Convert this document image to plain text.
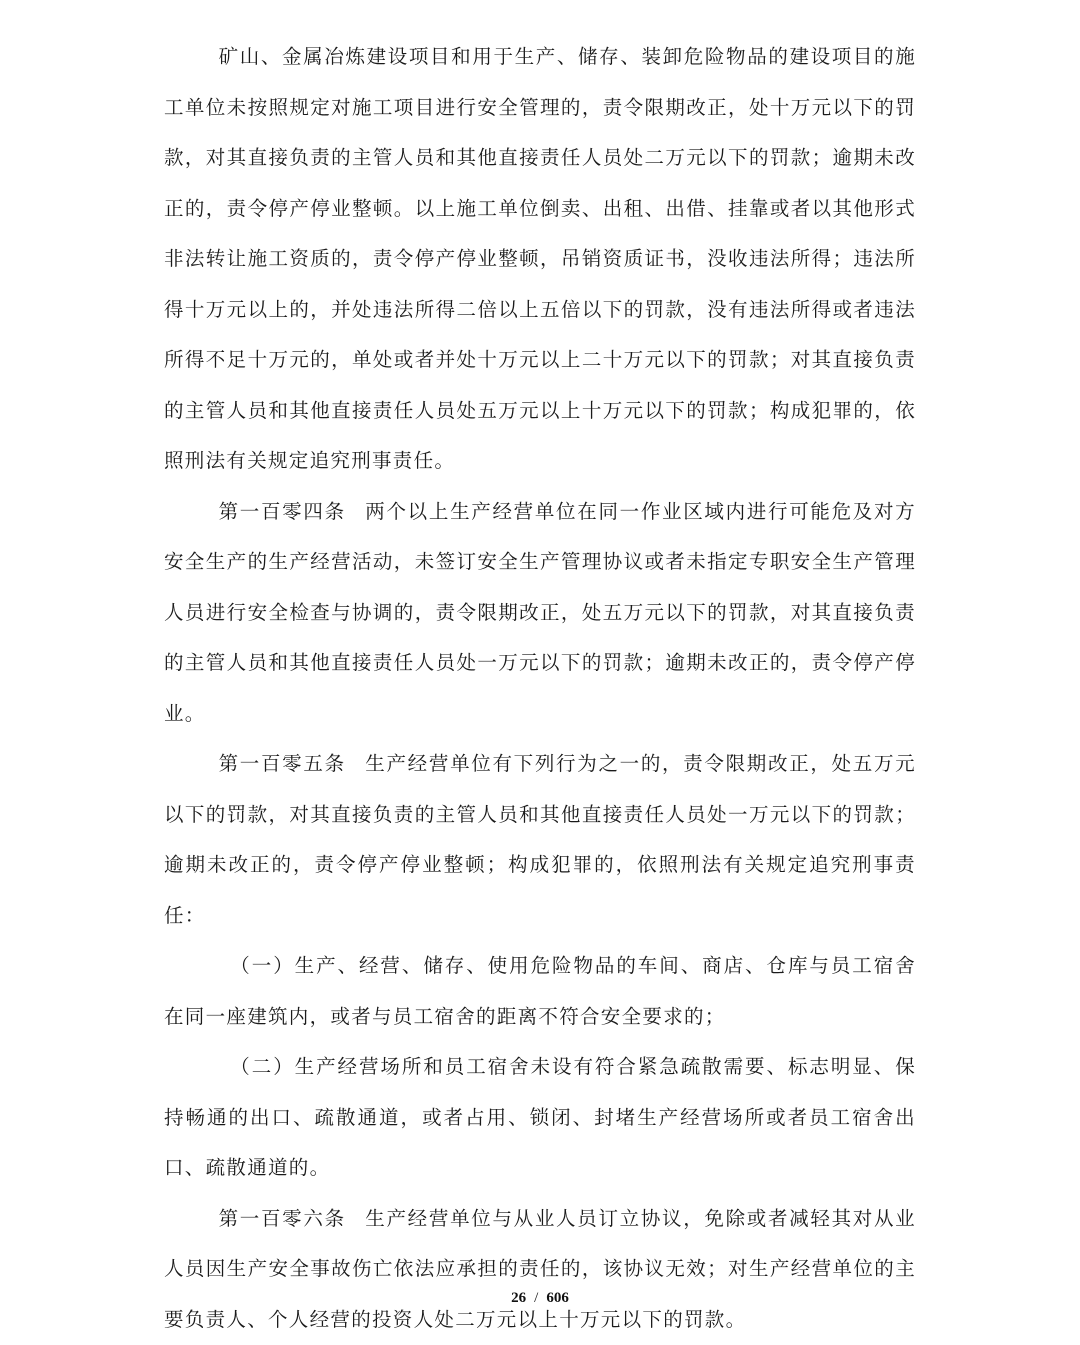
矿山、金属冶炼建设项目和用于生产、储存、装卸危险物品的建设项目的施工单位未按照规定对施工项目进行安全管理的，责令限期改正，处十万元以下的罚款，对其直接负责的主管人员和其他直接责任人员处二万元以下的罚款；逾期未改正的，责令停产停业整顿。以上施工单位倒卖、出租、出借、挂靠或者以其他形式非法转让施工资质的，责令停产停业整顿，吊销资质证书，没收违法所得；违法所得十万元以上的，并处违法所得二倍以上五倍以下的罚款，没有违法所得或者违法所得不足十万元的，单处或者并处十万元以上二十万元以下的罚款；对其直接负责的主管人员和其他直接责任人员处五万元以上十万元以下的罚款；构成犯罪的，依照刑法有关规定追究刑事责任。

第一百零四条 两个以上生产经营单位在同一作业区域内进行可能危及对方安全生产的生产经营活动，未签订安全生产管理协议或者未指定专职安全生产管理人员进行安全检查与协调的，责令限期改正，处五万元以下的罚款，对其直接负责的主管人员和其他直接责任人员处一万元以下的罚款；逾期未改正的，责令停产停业。

第一百零五条 生产经营单位有下列行为之一的，责令限期改正，处五万元以下的罚款，对其直接负责的主管人员和其他直接责任人员处一万元以下的罚款；逾期未改正的，责令停产停业整顿；构成犯罪的，依照刑法有关规定追究刑事责任：

（一）生产、经营、储存、使用危险物品的车间、商店、仓库与员工宿舍在同一座建筑内，或者与员工宿舍的距离不符合安全要求的；

（二）生产经营场所和员工宿舍未设有符合紧急疏散需要、标志明显、保持畅通的出口、疏散通道，或者占用、锁闭、封堵生产经营场所或者员工宿舍出口、疏散通道的。

第一百零六条 生产经营单位与从业人员订立协议，免除或者减轻其对从业人员因生产安全事故伤亡依法应承担的责任的，该协议无效；对生产经营单位的主要负责人、个人经营的投资人处二万元以上十万元以下的罚款。

26 / 606
